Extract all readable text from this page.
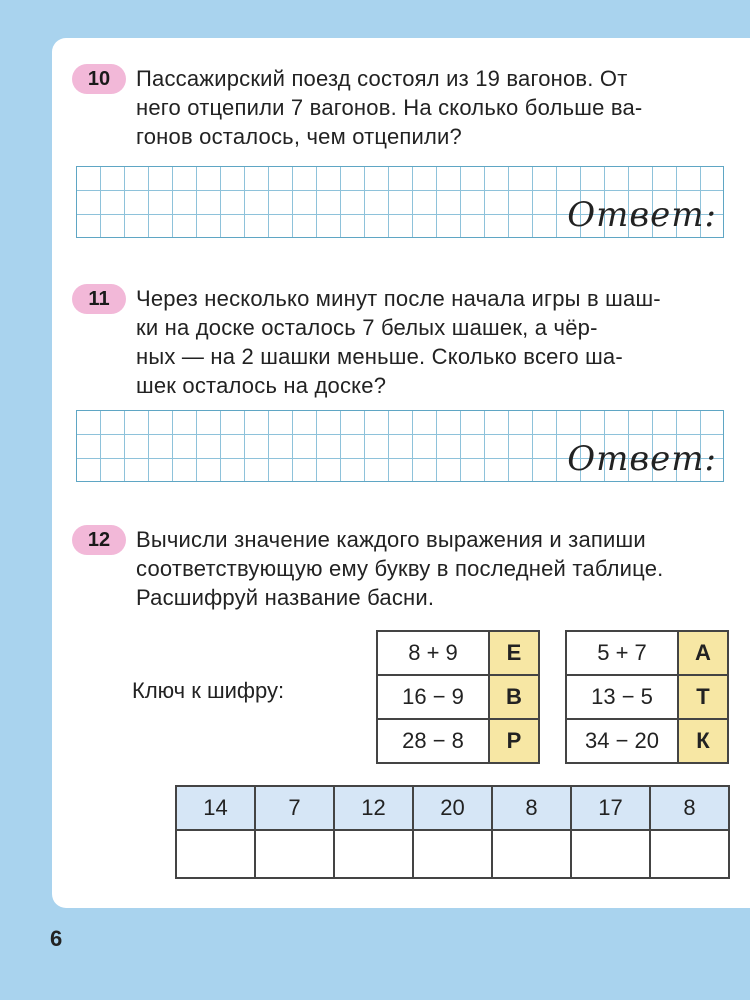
10	Пассажирский поезд состоял из 19 вагонов. От
него отцепили 7 вагонов. На сколько больше ва-
гонов осталось, чем отцепили?
Ответ:
11	Через несколько минут после начала игры в шаш-
ки на доске осталось 7 белых шашек, а чёр-
ных — на 2 шашки меньше. Сколько всего ша-
шек осталось на доске?
Ответ:
12	Вычисли значение каждого выражения и запиши
соответствующую ему букву в последней таблице.
Расшифруй название басни.
Ключ к шифру:
8 + 9	Е
16 − 9	В
28 − 8	Р
5 + 7	А
13 − 5	Т
34 − 20	К
14	7	12	20	8	17	8

6
